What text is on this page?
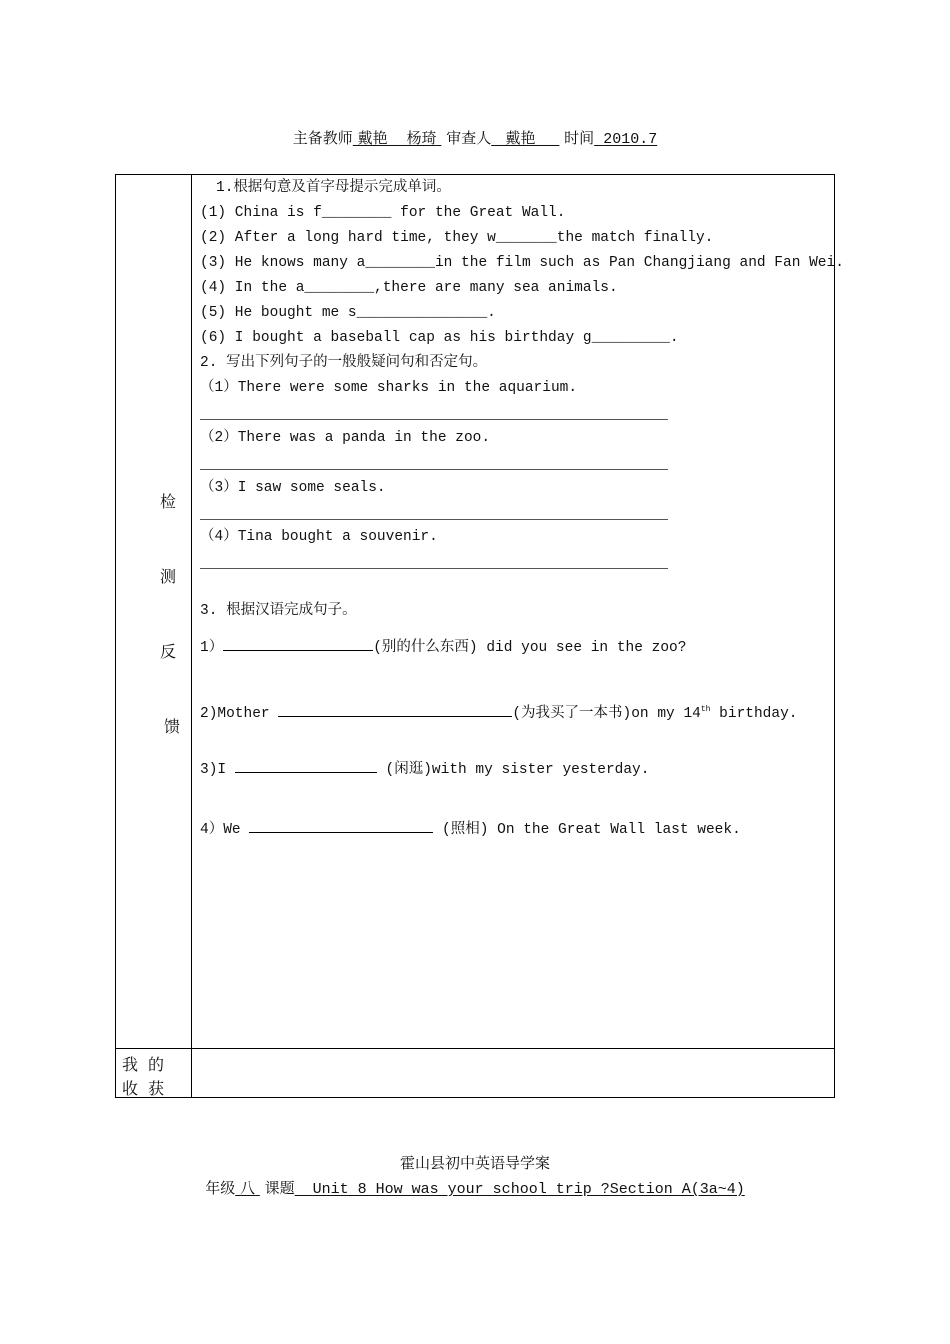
主备教师 戴艳    杨琦 审查人 戴艳 时间 2010.7
检
测
反
馈
我的
收获
1.根据句意及首字母提示完成单词。
(1) China is f________ for the Great Wall.
(2) After a long hard time, they w_______the match finally.
(3) He knows many a________in the film such as Pan Changjiang and Fan Wei.
(4) In the a________,there are many sea animals.
(5) He bought me s_______________.
(6) I bought a baseball cap as his birthday g_________.
2. 写出下列句子的一般般疑问句和否定句。
（1）There were some sharks in the aquarium.
（2）There was a panda in the zoo.
（3）I saw some seals.
（4）Tina bought a souvenir.
3. 根据汉语完成句子。
1）	(别的什么东西) did you see in the zoo?
2)Mother	(为我买了一本书)on my 14th birthday.
3)I	(闲逛)with my sister yesterday.
4）We	(照相) On the Great Wall last week.
霍山县初中英语导学案
年级 八 课题 Unit 8 How was your school trip ?Section A(3a~4)
